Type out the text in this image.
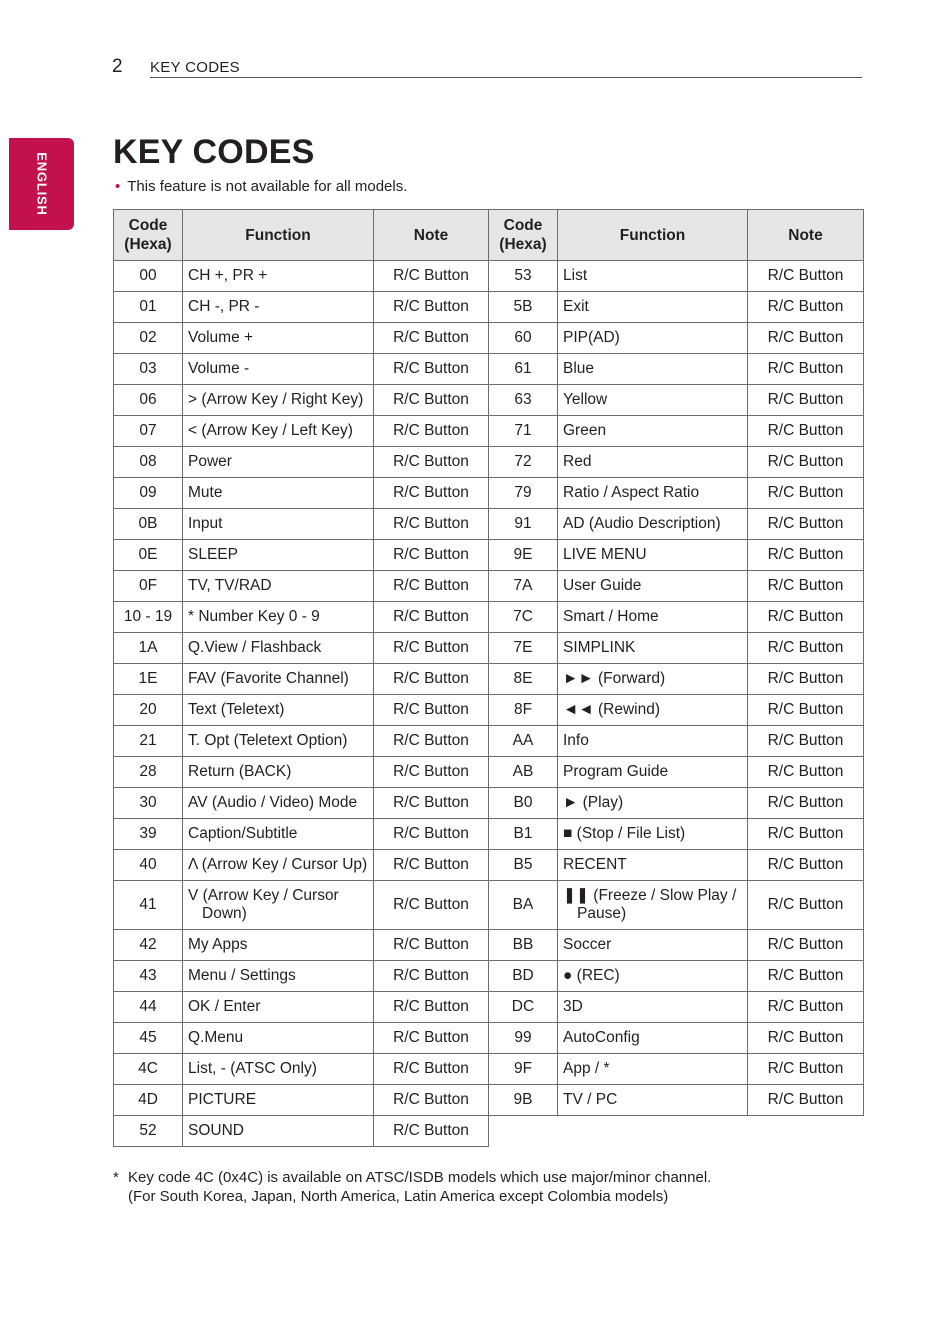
2 KEY CODES
ENGLISH
KEY CODES
• This feature is not available for all models.
Code (Hexa)	Function	Note	Code (Hexa)	Function	Note
00	CH +, PR +	R/C Button	53	List	R/C Button
01	CH -, PR -	R/C Button	5B	Exit	R/C Button
02	Volume +	R/C Button	60	PIP(AD)	R/C Button
03	Volume -	R/C Button	61	Blue	R/C Button
06	> (Arrow Key / Right Key)	R/C Button	63	Yellow	R/C Button
07	< (Arrow Key / Left Key)	R/C Button	71	Green	R/C Button
08	Power	R/C Button	72	Red	R/C Button
09	Mute	R/C Button	79	Ratio / Aspect Ratio	R/C Button
0B	Input	R/C Button	91	AD (Audio Description)	R/C Button
0E	SLEEP	R/C Button	9E	LIVE MENU	R/C Button
0F	TV, TV/RAD	R/C Button	7A	User Guide	R/C Button
10 - 19	* Number Key 0 - 9	R/C Button	7C	Smart / Home	R/C Button
1A	Q.View / Flashback	R/C Button	7E	SIMPLINK	R/C Button
1E	FAV (Favorite Channel)	R/C Button	8E	►► (Forward)	R/C Button
20	Text (Teletext)	R/C Button	8F	◄◄ (Rewind)	R/C Button
21	T. Opt (Teletext Option)	R/C Button	AA	Info	R/C Button
28	Return (BACK)	R/C Button	AB	Program Guide	R/C Button
30	AV (Audio / Video) Mode	R/C Button	B0	► (Play)	R/C Button
39	Caption/Subtitle	R/C Button	B1	■ (Stop / File List)	R/C Button
40	Λ (Arrow Key / Cursor Up)	R/C Button	B5	RECENT	R/C Button
41	V (Arrow Key / Cursor Down)	R/C Button	BA	❚❚ (Freeze / Slow Play / Pause)	R/C Button
42	My Apps	R/C Button	BB	Soccer	R/C Button
43	Menu / Settings	R/C Button	BD	● (REC)	R/C Button
44	OK / Enter	R/C Button	DC	3D	R/C Button
45	Q.Menu	R/C Button	99	AutoConfig	R/C Button
4C	List, - (ATSC Only)	R/C Button	9F	App / *	R/C Button
4D	PICTURE	R/C Button	9B	TV / PC	R/C Button
52	SOUND	R/C Button			
* Key code 4C (0x4C) is available on ATSC/ISDB models which use major/minor channel.
(For South Korea, Japan, North America, Latin America except Colombia models)
